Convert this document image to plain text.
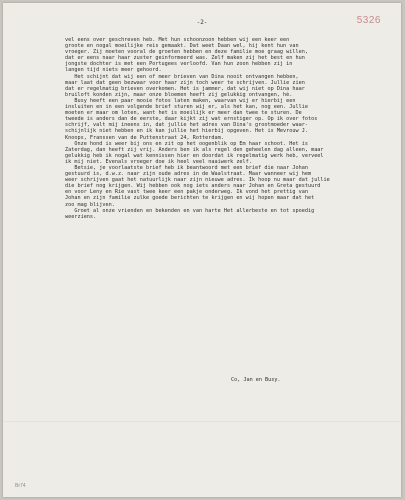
-2-	5326
vel eens over geschreven heb. Met hun schoonzoon hebben wij een keer een
groote en nogal moeilijke reis gemaakt. Dat weet Daan wel, hij kent hun van
vroeger. Zij moeten vooral de groeten hebben en deze familie moe graag willen,
dat er eens naar haar zuster geinformeerd was. Zelf maken zij het best en hun
jongste dochter is met een Portugees verloofd. Van hun zoon hebben zij in
langen tijd niets meer gehoord.
Het schijnt dat wij een of meer brieven van Dina nooit ontvangen hebben,
maar laat dat geen bezwaar voor haar zijn toch weer te schrijven. Jullie zien
dat er regelmatig brieven overkomen. Het is jammer, dat wij niet op Dina haar
bruiloft konden zijn, maar onze bloemen heeft zij gelukkig ontvangen, hè.
Busy heeft een paar mooie fotos laten maken, waarvan wij er hierbij een
insluiten en in een volgende brief sturen wij er, als het kan, nog een. Jullie
moeten er maar om loten, want het is moeilijk er meer dan twee te sturen. De
tweede is anders dan de eerste, daar kijkt zij wat ernstiger op. Op ik over fotos
schrijf, valt mij ineens in, dat jullie het adres van Dina's grootmoeder waar-
schijnlijk niet hebben en ik kan jullie het hierbij opgeven. Het is Mevrouw J.
Knoops, Franssen van de Puttenstraat 24, Rotterdam.
Onze hond is weer bij ons en zit op het oogenblik op Em haar schoot. Het is
Zaterdag, dan heeft zij vrij. Anders ben ik als regel den geheelen dag alleen, maar
gelukkig heb ik nogal wat kennissen hier en doordat ik regelmatig werk heb, verveel
ik mij niet. Evenals vroeger doe ik heel veel naaiwerk zelf.
Betsie, je voorlaatste brief heb ik beantwoord met een brief die naar Johan
gestuurd is, d.w.z. naar zijn oude adres in de Waalstraat. Maar wanneer wij hem
weer schrijven gaat het natuurlijk naar zijn nieuwe adres. Ik hoop nu maar dat jullie
die brief nog krijgen. Wij hebben ook nog iets anders naar Johan en Greta gestuurd
en voor Leny en Rie vast twee keer een pakje onderweg. Ik vond het prettig van
Johan en zijn familie zulke goede berichten te krijgen en wij hopen maar dat het
zoo mag blijven.
Groet al onze vrienden en bekenden en van harte Het allerbeste en tot spoedig
weerziens.
Co, Jan en Busy.
Br74
